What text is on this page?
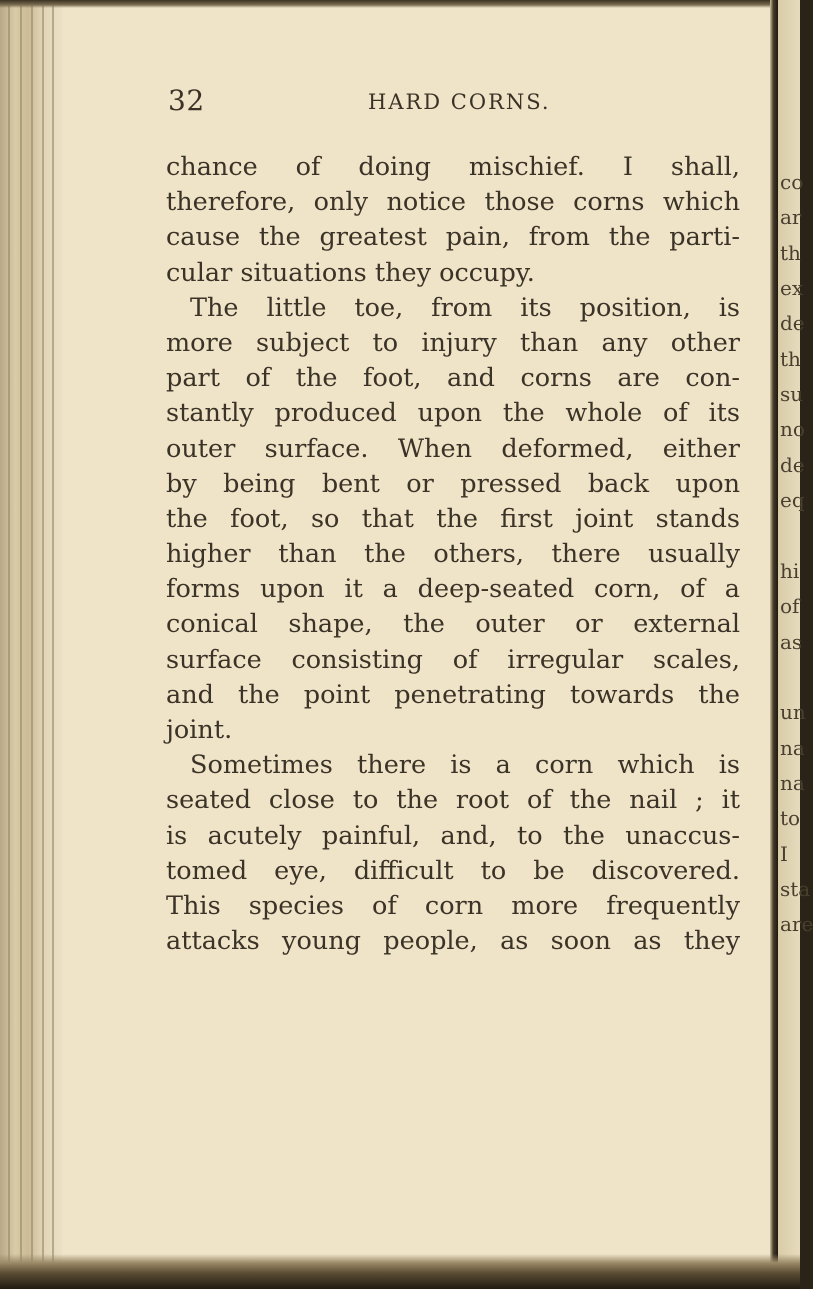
32	HARD CORNS.
chance of doing mischief. I shall,
therefore, only notice those corns which
cause the greatest pain, from the parti-
cular situations they occupy.
The little toe, from its position, is
more subject to injury than any other
part of the foot, and corns are con-
stantly produced upon the whole of its
outer surface. When deformed, either
by being bent or pressed back upon
the foot, so that the first joint stands
higher than the others, there usually
forms upon it a deep-seated corn, of a
conical shape, the outer or external
surface consisting of irregular scales,
and the point penetrating towards the
joint.
Sometimes there is a corn which is
seated close to the root of the nail ; it
is acutely painful, and, to the unaccus-
tomed eye, difficult to be discovered.
This species of corn more frequently
attacks young people, as soon as they
co
ar
th
ex
de
th
su
no
de
eq
hi
of
as
un
na
na
to
I
sta
are
